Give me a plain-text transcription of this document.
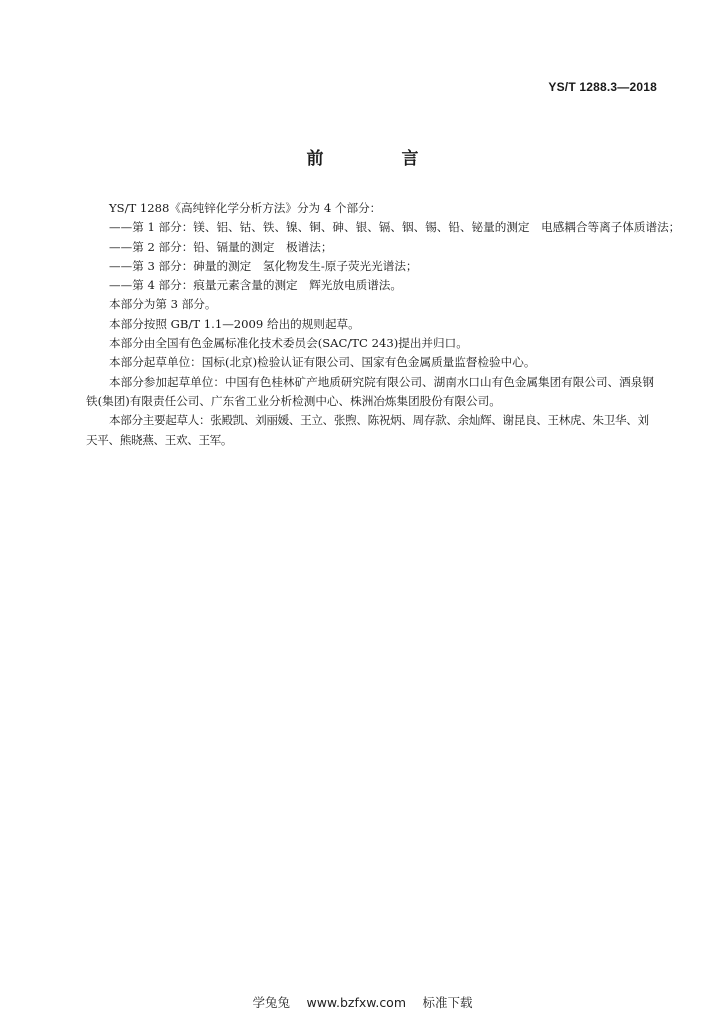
YS/T 1288.3—2018
前 言

YS/T 1288《高纯锌化学分析方法》分为 4 个部分：

——第 1 部分：镁、铝、钴、铁、镍、铜、砷、银、镉、铟、锡、铅、铋量的测定　电感耦合等离子体质谱法；

——第 2 部分：铅、镉量的测定　极谱法；

——第 3 部分：砷量的测定　氢化物发生-原子荧光光谱法；

——第 4 部分：痕量元素含量的测定　辉光放电质谱法。

本部分为第 3 部分。

本部分按照 GB/T 1.1—2009 给出的规则起草。

本部分由全国有色金属标准化技术委员会(SAC/TC 243)提出并归口。

本部分起草单位：国标(北京)检验认证有限公司、国家有色金属质量监督检验中心。

本部分参加起草单位：中国有色桂林矿产地质研究院有限公司、湖南水口山有色金属集团有限公司、酒泉钢铁(集团)有限责任公司、广东省工业分析检测中心、株洲冶炼集团股份有限公司。

本部分主要起草人：张殿凯、刘丽媛、王立、张煦、陈祝炳、周存款、余灿辉、谢昆良、王林虎、朱卫华、刘天平、熊晓燕、王欢、王军。

学兔兔　 www.bzfxw.com 　标准下载
